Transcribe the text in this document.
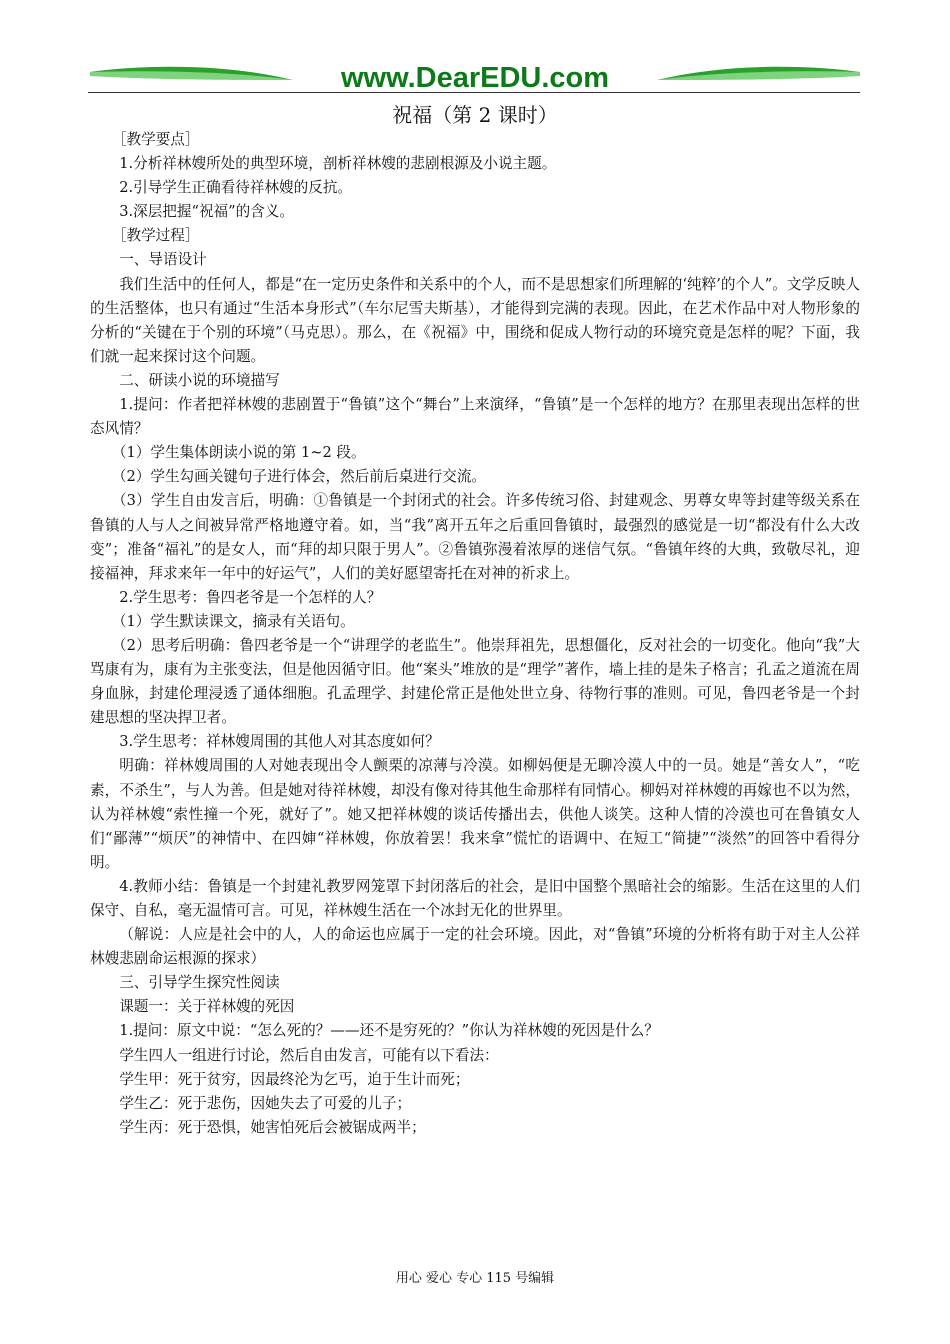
www.DearEDU.com
祝福（第 2 课时）

［教学要点］

1.分析祥林嫂所处的典型环境，剖析祥林嫂的悲剧根源及小说主题。

2.引导学生正确看待祥林嫂的反抗。

3.深层把握“祝福”的含义。

［教学过程］

一、导语设计

我们生活中的任何人，都是“在一定历史条件和关系中的个人，而不是思想家们所理解的‘纯粹’的个人”。文学反映人的生活整体，也只有通过“生活本身形式”（车尔尼雪夫斯基），才能得到完满的表现。因此，在艺术作品中对人物形象的分析的“关键在于个别的环境”（马克思）。那么，在《祝福》中，围绕和促成人物行动的环境究竟是怎样的呢？下面，我们就一起来探讨这个问题。

二、研读小说的环境描写

1.提问：作者把祥林嫂的悲剧置于“鲁镇”这个“舞台”上来演绎，“鲁镇”是一个怎样的地方？在那里表现出怎样的世态风情？

（1）学生集体朗读小说的第 1~2 段。

（2）学生勾画关键句子进行体会，然后前后桌进行交流。

（3）学生自由发言后，明确：①鲁镇是一个封闭式的社会。许多传统习俗、封建观念、男尊女卑等封建等级关系在鲁镇的人与人之间被异常严格地遵守着。如，当“我”离开五年之后重回鲁镇时，最强烈的感觉是一切“都没有什么大改变”；准备“福礼”的是女人，而“拜的却只限于男人”。②鲁镇弥漫着浓厚的迷信气氛。“鲁镇年终的大典，致敬尽礼，迎接福神，拜求来年一年中的好运气”，人们的美好愿望寄托在对神的祈求上。

2.学生思考：鲁四老爷是一个怎样的人？

（1）学生默读课文，摘录有关语句。

（2）思考后明确：鲁四老爷是一个“讲理学的老监生”。他崇拜祖先，思想僵化，反对社会的一切变化。他向“我”大骂康有为，康有为主张变法，但是他因循守旧。他“案头”堆放的是“理学”著作，墙上挂的是朱子格言；孔孟之道流在周身血脉，封建伦理浸透了通体细胞。孔孟理学、封建伦常正是他处世立身、待物行事的准则。可见，鲁四老爷是一个封建思想的坚决捍卫者。

3.学生思考：祥林嫂周围的其他人对其态度如何？

明确：祥林嫂周围的人对她表现出令人颤栗的凉薄与冷漠。如柳妈便是无聊冷漠人中的一员。她是“善女人”，“吃素，不杀生”，与人为善。但是她对待祥林嫂，却没有像对待其他生命那样有同情心。柳妈对祥林嫂的再嫁也不以为然，认为祥林嫂“索性撞一个死，就好了”。她又把祥林嫂的谈话传播出去，供他人谈笑。这种人情的冷漠也可在鲁镇女人们“鄙薄”“烦厌”的神情中、在四婶“祥林嫂，你放着罢！我来拿”慌忙的语调中、在短工“简捷”“淡然”的回答中看得分明。

4.教师小结：鲁镇是一个封建礼教罗网笼罩下封闭落后的社会，是旧中国整个黑暗社会的缩影。生活在这里的人们保守、自私，毫无温情可言。可见，祥林嫂生活在一个冰封无化的世界里。

（解说：人应是社会中的人，人的命运也应属于一定的社会环境。因此，对“鲁镇”环境的分析将有助于对主人公祥林嫂悲剧命运根源的探求）

三、引导学生探究性阅读

课题一：关于祥林嫂的死因

1.提问：原文中说：“怎么死的？——还不是穷死的？”你认为祥林嫂的死因是什么？

学生四人一组进行讨论，然后自由发言，可能有以下看法：

学生甲：死于贫穷，因最终沦为乞丐，迫于生计而死；

学生乙：死于悲伤，因她失去了可爱的儿子；

学生丙：死于恐惧，她害怕死后会被锯成两半；

用心 爱心 专心 115 号编辑
